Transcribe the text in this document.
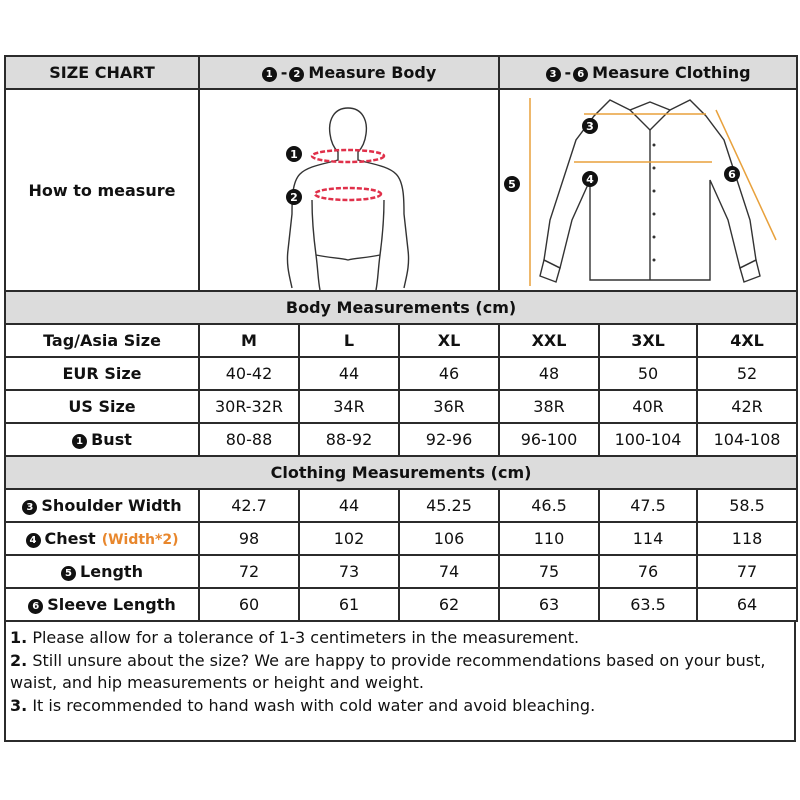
SIZE CHART	1 - 2 Measure Body			3 - 6 Measure Clothing		
How to measure	1
2			3
4 6
5		

Body Measurements (cm)						
Tag/Asia Size	M	L	XL	XXL	3XL	4XL
EUR Size	40-42	44	46	48	50	52
US Size	30R-32R	34R	36R	38R	40R	42R
1 Bust	80-88	88-92	92-96	96-100	100-104	104-108
Clothing Measurements (cm)						
3 Shoulder Width	42.7	44	45.25	46.5	47.5	58.5
4 Chest (Width*2)	98	102	106	110	114	118
5 Length	72	73	74	75	76	77
6 Sleeve Length	60	61	62	63	63.5	64
1. Please allow for a tolerance of 1-3 centimeters in the measurement.
2. Still unsure about the size? We are happy to provide recommendations based on your bust, waist, and hip measurements or height and weight.
3. It is recommended to hand wash with cold water and avoid bleaching.
